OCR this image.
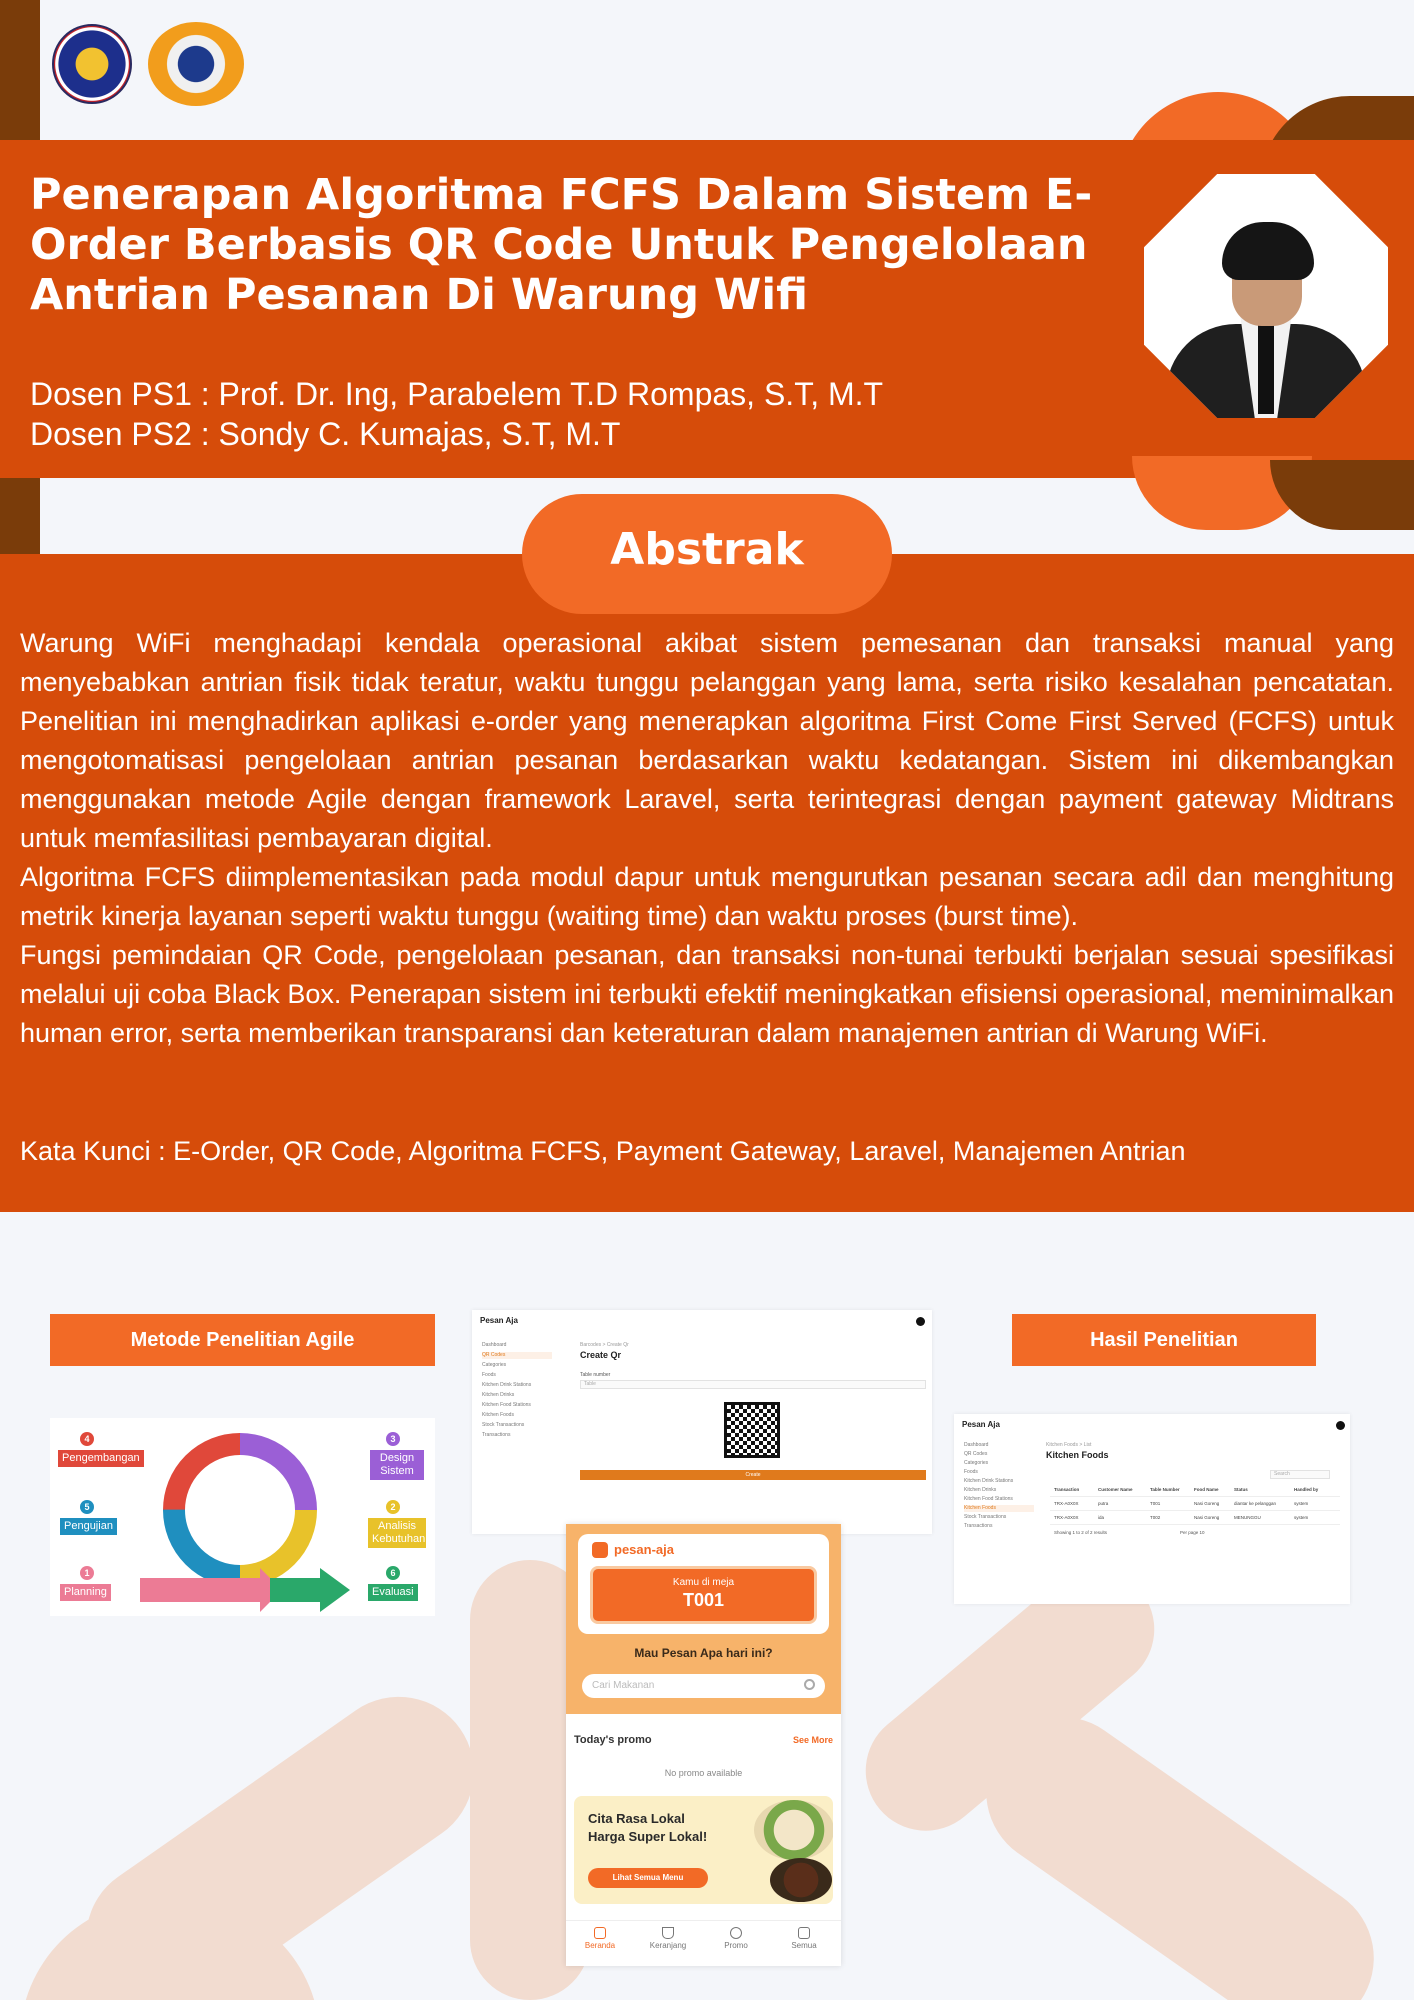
Penerapan Algoritma FCFS Dalam Sistem E-Order Berbasis QR Code Untuk Pengelolaan Antrian Pesanan Di Warung Wifi
Dosen PS1 : Prof. Dr. Ing, Parabelem T.D Rompas, S.T, M.T
Dosen PS2 : Sondy C. Kumajas, S.T, M.T

Warung WiFi menghadapi kendala operasional akibat sistem pemesanan dan transaksi manual yang menyebabkan antrian fisik tidak teratur, waktu tunggu pelanggan yang lama, serta risiko kesalahan pencatatan. Penelitian ini menghadirkan aplikasi e-order yang menerapkan algoritma First Come First Served (FCFS) untuk mengotomatisasi pengelolaan antrian pesanan berdasarkan waktu kedatangan. Sistem ini dikembangkan menggunakan metode Agile dengan framework Laravel, serta terintegrasi dengan payment gateway Midtrans untuk memfasilitasi pembayaran digital.

Algoritma FCFS diimplementasikan pada modul dapur untuk mengurutkan pesanan secara adil dan menghitung metrik kinerja layanan seperti waktu tunggu (waiting time) dan waktu proses (burst time).

Fungsi pemindaian QR Code, pengelolaan pesanan, dan transaksi non-tunai terbukti berjalan sesuai spesifikasi melalui uji coba Black Box. Penerapan sistem ini terbukti efektif meningkatkan efisiensi operasional, meminimalkan human error, serta memberikan transparansi dan keteraturan dalam manajemen antrian di Warung WiFi.

Kata Kunci : E-Order, QR Code, Algoritma FCFS, Payment Gateway, Laravel, Manajemen Antrian
Abstrak
Metode Penelitian Agile	Hasil Penelitian
4
Pengembangan
3
Design Sistem
5
Pengujian
2
Analisis Kebutuhan
1
Planning
6
Evaluasi
Pesan Aja
Dashboard
QR Codes
Categories
Foods
Kitchen Drink Stations
Kitchen Drinks
Kitchen Food Stations
Kitchen Foods
Stock Transactions
Transactions
Barcodes > Create Qr
Create Qr
Table number
Table
Create
Pesan Aja
Dashboard
QR Codes
Categories
Foods
Kitchen Drink Stations
Kitchen Drinks
Kitchen Food Stations
Kitchen Foods
Stock Transactions
Transactions
Kitchen Foods > List
Kitchen Foods
Search
Transaction	Customer Name	Table Number	Food Name	Status	Handled by
TRX-A0X0X	putra	T001	Nasi Goreng	diantar ke pelanggan	system
TRX-A0X0X	ida	T002	Nasi Goreng	MENUNGGU	system
Showing 1 to 2 of 2 results	Per page 10
pesan-aja
Kamu di meja
T001
Mau Pesan Apa hari ini?
Cari Makanan
Today's promo	See More
No promo available
Cita Rasa Lokal
Harga Super Lokal!
Lihat Semua Menu
Beranda	Keranjang	Promo	Semua
